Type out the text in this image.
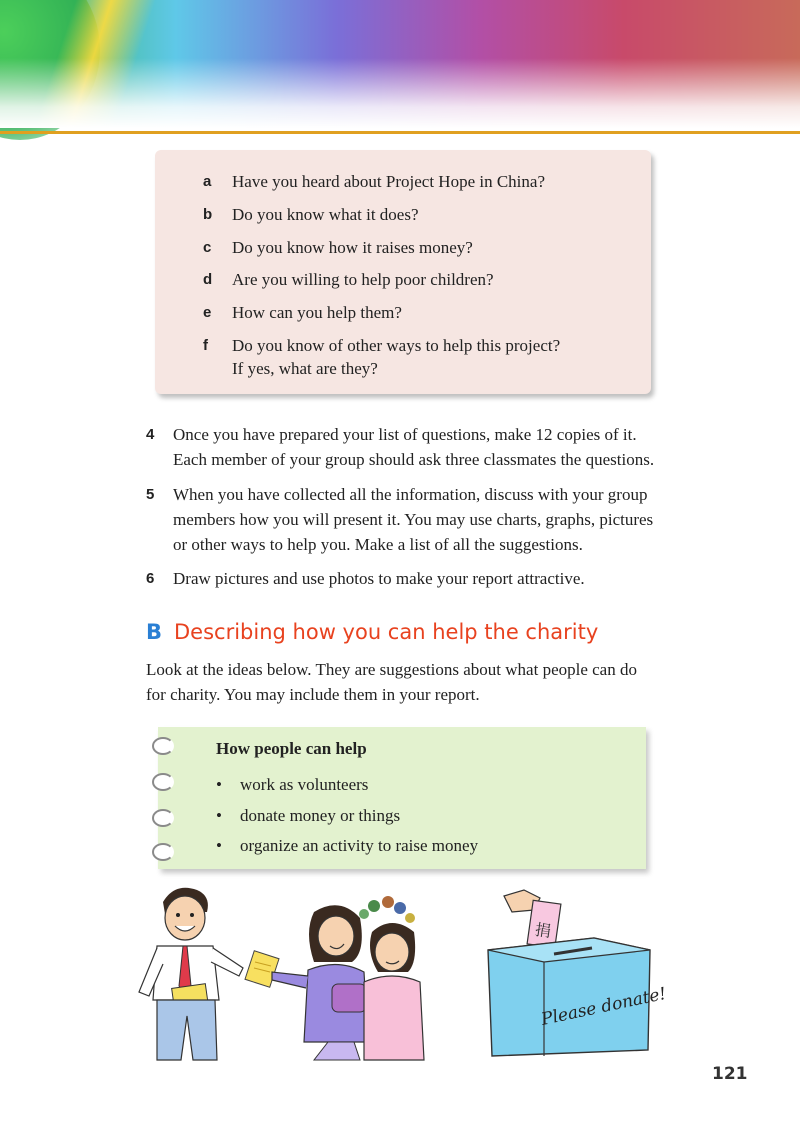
a	Have you heard about Project Hope in China?
b	Do you know what it does?
c	Do you know how it raises money?
d	Are you willing to help poor children?
e	How can you help them?
f	Do you know of other ways to help this project?
If yes, what are they?
4 Once you have prepared your list of questions, make 12 copies of it.
Each member of your group should ask three classmates the questions.
5 When you have collected all the information, discuss with your group
members how you will present it. You may use charts, graphs, pictures
or other ways to help you. Make a list of all the suggestions.
6 Draw pictures and use photos to make your report attractive.
B Describing how you can help the charity
Look at the ideas below. They are suggestions about what people can do
for charity. You may include them in your report.
How people can help
• work as volunteers
• donate money or things
• organize an activity to raise money
捐
Please donate!
121
